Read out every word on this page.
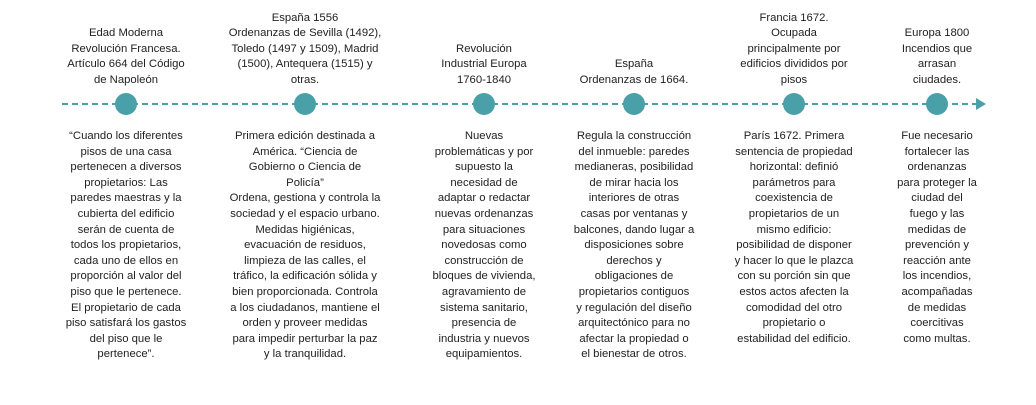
Edad Moderna
Revolución Francesa.
Artículo 664 del Código
de Napoleón
“Cuando los diferentes
pisos de una casa
pertenecen a diversos
propietarios: Las
paredes maestras y la
cubierta del edificio
serán de cuenta de
todos los propietarios,
cada uno de ellos en
proporción al valor del
piso que le pertenece.
El propietario de cada
piso satisfará los gastos
del piso que le
pertenece”.
España 1556
Ordenanzas de Sevilla (1492),
Toledo (1497 y 1509), Madrid
(1500), Antequera (1515) y
otras.
Primera edición destinada a
América. “Ciencia de
Gobierno o Ciencia de
Policía”
Ordena, gestiona y controla la
sociedad y el espacio urbano.
Medidas higiénicas,
evacuación de residuos,
limpieza de las calles, el
tráfico, la edificación sólida y
bien proporcionada. Controla
a los ciudadanos, mantiene el
orden y proveer medidas
para impedir perturbar la paz
y la tranquilidad.
Revolución
Industrial Europa
1760-1840
Nuevas
problemáticas y por
supuesto la
necesidad de
adaptar o redactar
nuevas ordenanzas
para situaciones
novedosas como
construcción de
bloques de vivienda,
agravamiento de
sistema sanitario,
presencia de
industria y nuevos
equipamientos.
España
Ordenanzas de 1664.
Regula la construcción
del inmueble: paredes
medianeras, posibilidad
de mirar hacia los
interiores de otras
casas por ventanas y
balcones, dando lugar a
disposiciones sobre
derechos y
obligaciones de
propietarios contiguos
y regulación del diseño
arquitectónico para no
afectar la propiedad o
el bienestar de otros.
Francia 1672.
Ocupada
principalmente por
edificios divididos por
pisos
París 1672. Primera
sentencia de propiedad
horizontal: definió
parámetros para
coexistencia de
propietarios de un
mismo edificio:
posibilidad de disponer
y hacer lo que le plazca
con su porción sin que
estos actos afecten la
comodidad del otro
propietario o
estabilidad del edificio.
Europa 1800
Incendios que
arrasan
ciudades.
Fue necesario
fortalecer las
ordenanzas
para proteger la
ciudad del
fuego y las
medidas de
prevención y
reacción ante
los incendios,
acompañadas
de medidas
coercitivas
como multas.
